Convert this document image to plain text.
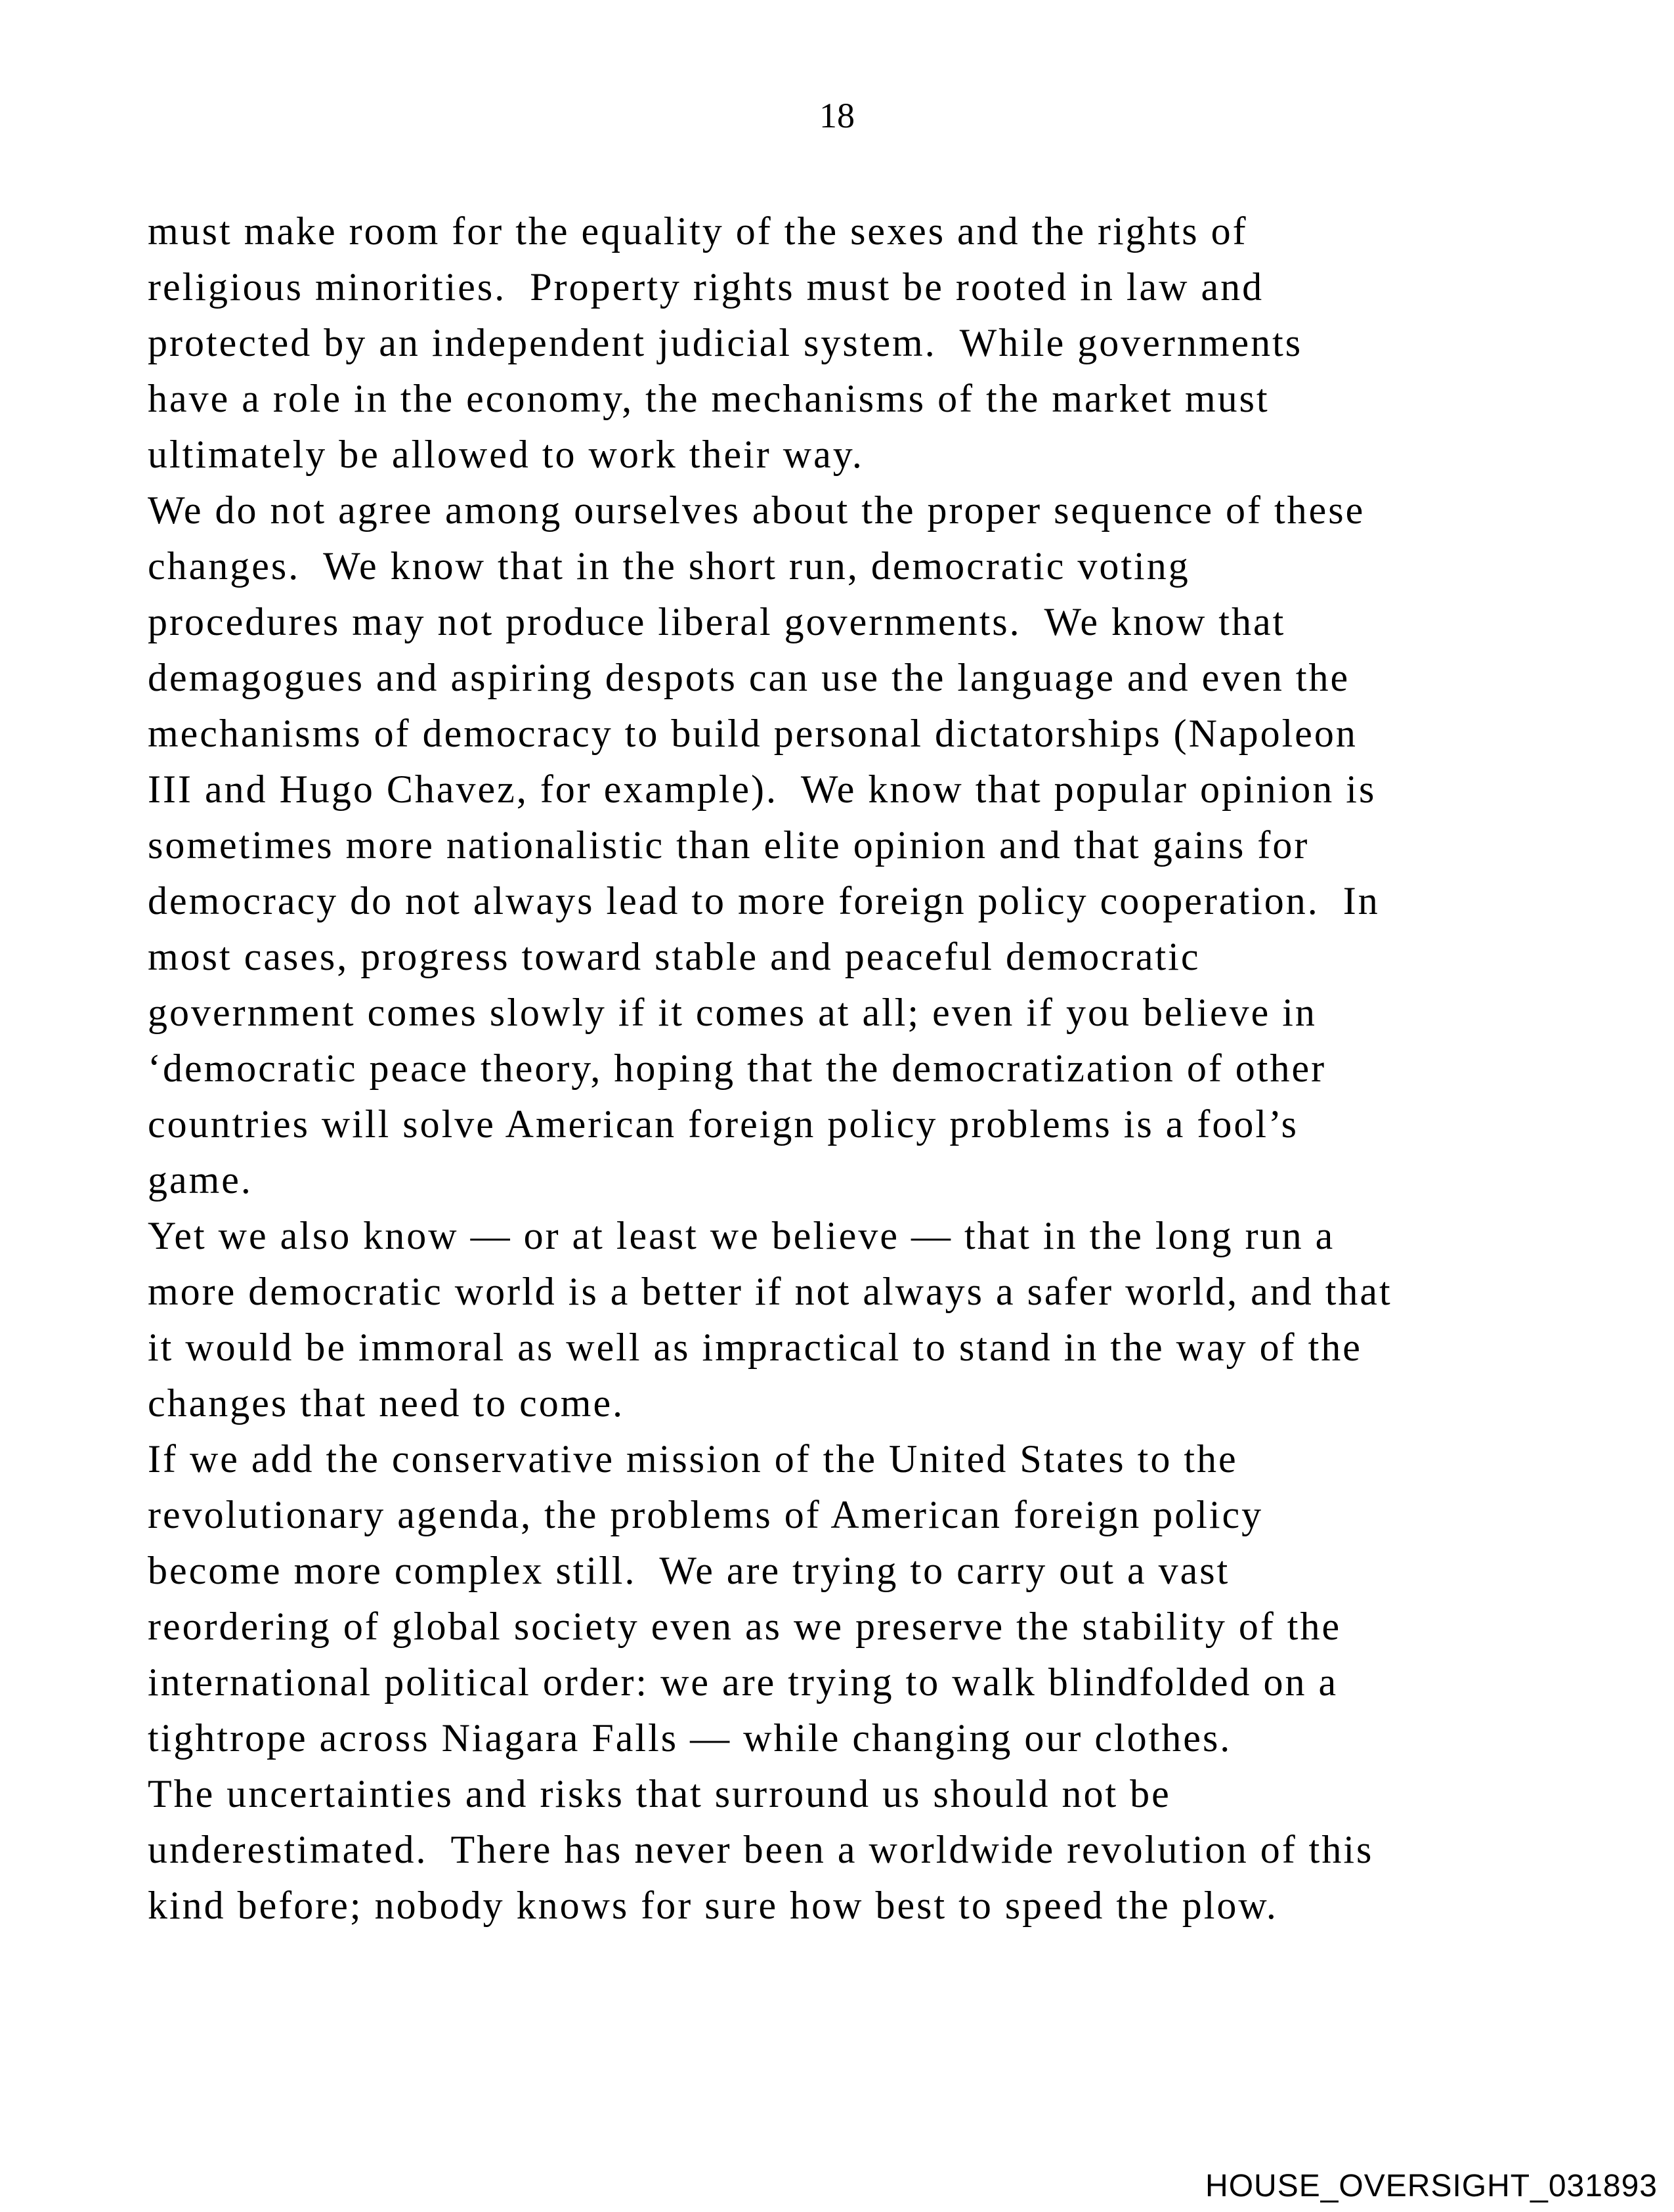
18
must make room for the equality of the sexes and the rights of
religious minorities.  Property rights must be rooted in law and
protected by an independent judicial system.  While governments
have a role in the economy, the mechanisms of the market must
ultimately be allowed to work their way.
We do not agree among ourselves about the proper sequence of these
changes.  We know that in the short run, democratic voting
procedures may not produce liberal governments.  We know that
demagogues and aspiring despots can use the language and even the
mechanisms of democracy to build personal dictatorships (Napoleon
III and Hugo Chavez, for example).  We know that popular opinion is
sometimes more nationalistic than elite opinion and that gains for
democracy do not always lead to more foreign policy cooperation.  In
most cases, progress toward stable and peaceful democratic
government comes slowly if it comes at all; even if you believe in
‘democratic peace theory, hoping that the democratization of other
countries will solve American foreign policy problems is a fool’s
game.
Yet we also know — or at least we believe — that in the long run a
more democratic world is a better if not always a safer world, and that
it would be immoral as well as impractical to stand in the way of the
changes that need to come.
If we add the conservative mission of the United States to the
revolutionary agenda, the problems of American foreign policy
become more complex still.  We are trying to carry out a vast
reordering of global society even as we preserve the stability of the
international political order: we are trying to walk blindfolded on a
tightrope across Niagara Falls — while changing our clothes.
The uncertainties and risks that surround us should not be
underestimated.  There has never been a worldwide revolution of this
kind before; nobody knows for sure how best to speed the plow.
HOUSE_OVERSIGHT_031893
